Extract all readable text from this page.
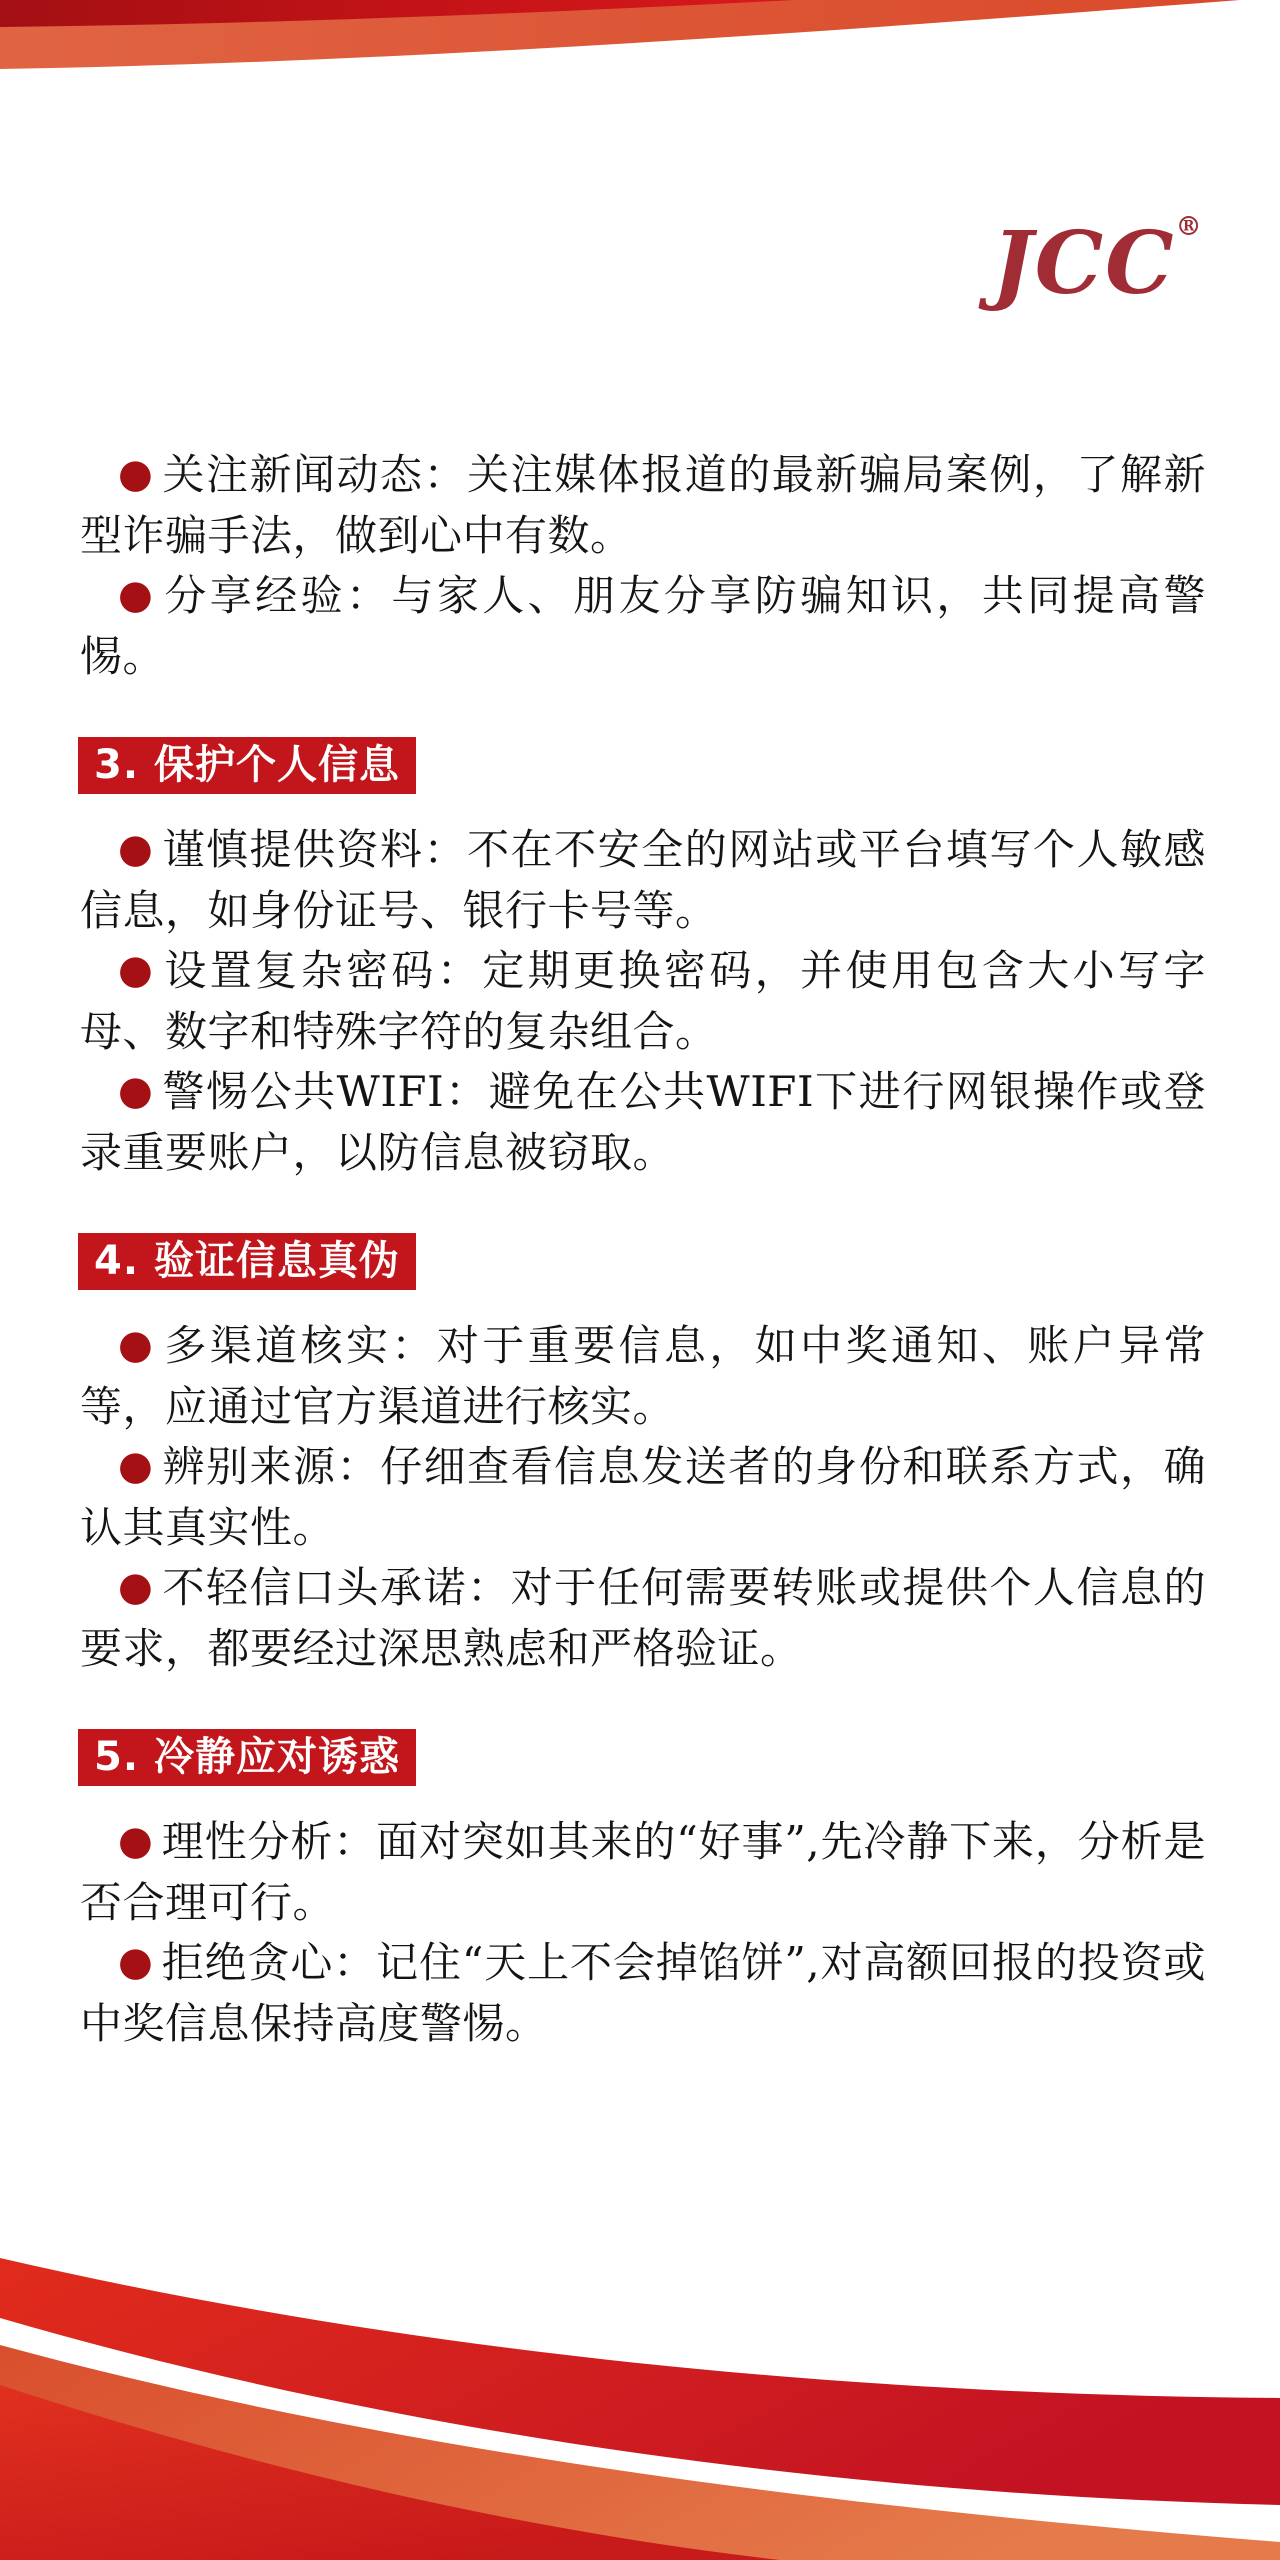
JCC®

● 关注新闻动态：关注媒体报道的最新骗局案例，了解新型诈骗手法，做到心中有数。

● 分享经验：与家人、朋友分享防骗知识，共同提高警惕。

3. 保护个人信息

● 谨慎提供资料：不在不安全的网站或平台填写个人敏感信息，如身份证号、银行卡号等。

● 设置复杂密码：定期更换密码，并使用包含大小写字母、数字和特殊字符的复杂组合。

● 警惕公共WIFI：避免在公共WIFI下进行网银操作或登录重要账户，以防信息被窃取。

4. 验证信息真伪

● 多渠道核实：对于重要信息，如中奖通知、账户异常等，应通过官方渠道进行核实。

● 辨别来源：仔细查看信息发送者的身份和联系方式，确认其真实性。

● 不轻信口头承诺：对于任何需要转账或提供个人信息的要求，都要经过深思熟虑和严格验证。

5. 冷静应对诱惑

● 理性分析：面对突如其来的“好事”,先冷静下来，分析是否合理可行。

● 拒绝贪心：记住“天上不会掉馅饼”,对高额回报的投资或中奖信息保持高度警惕。
